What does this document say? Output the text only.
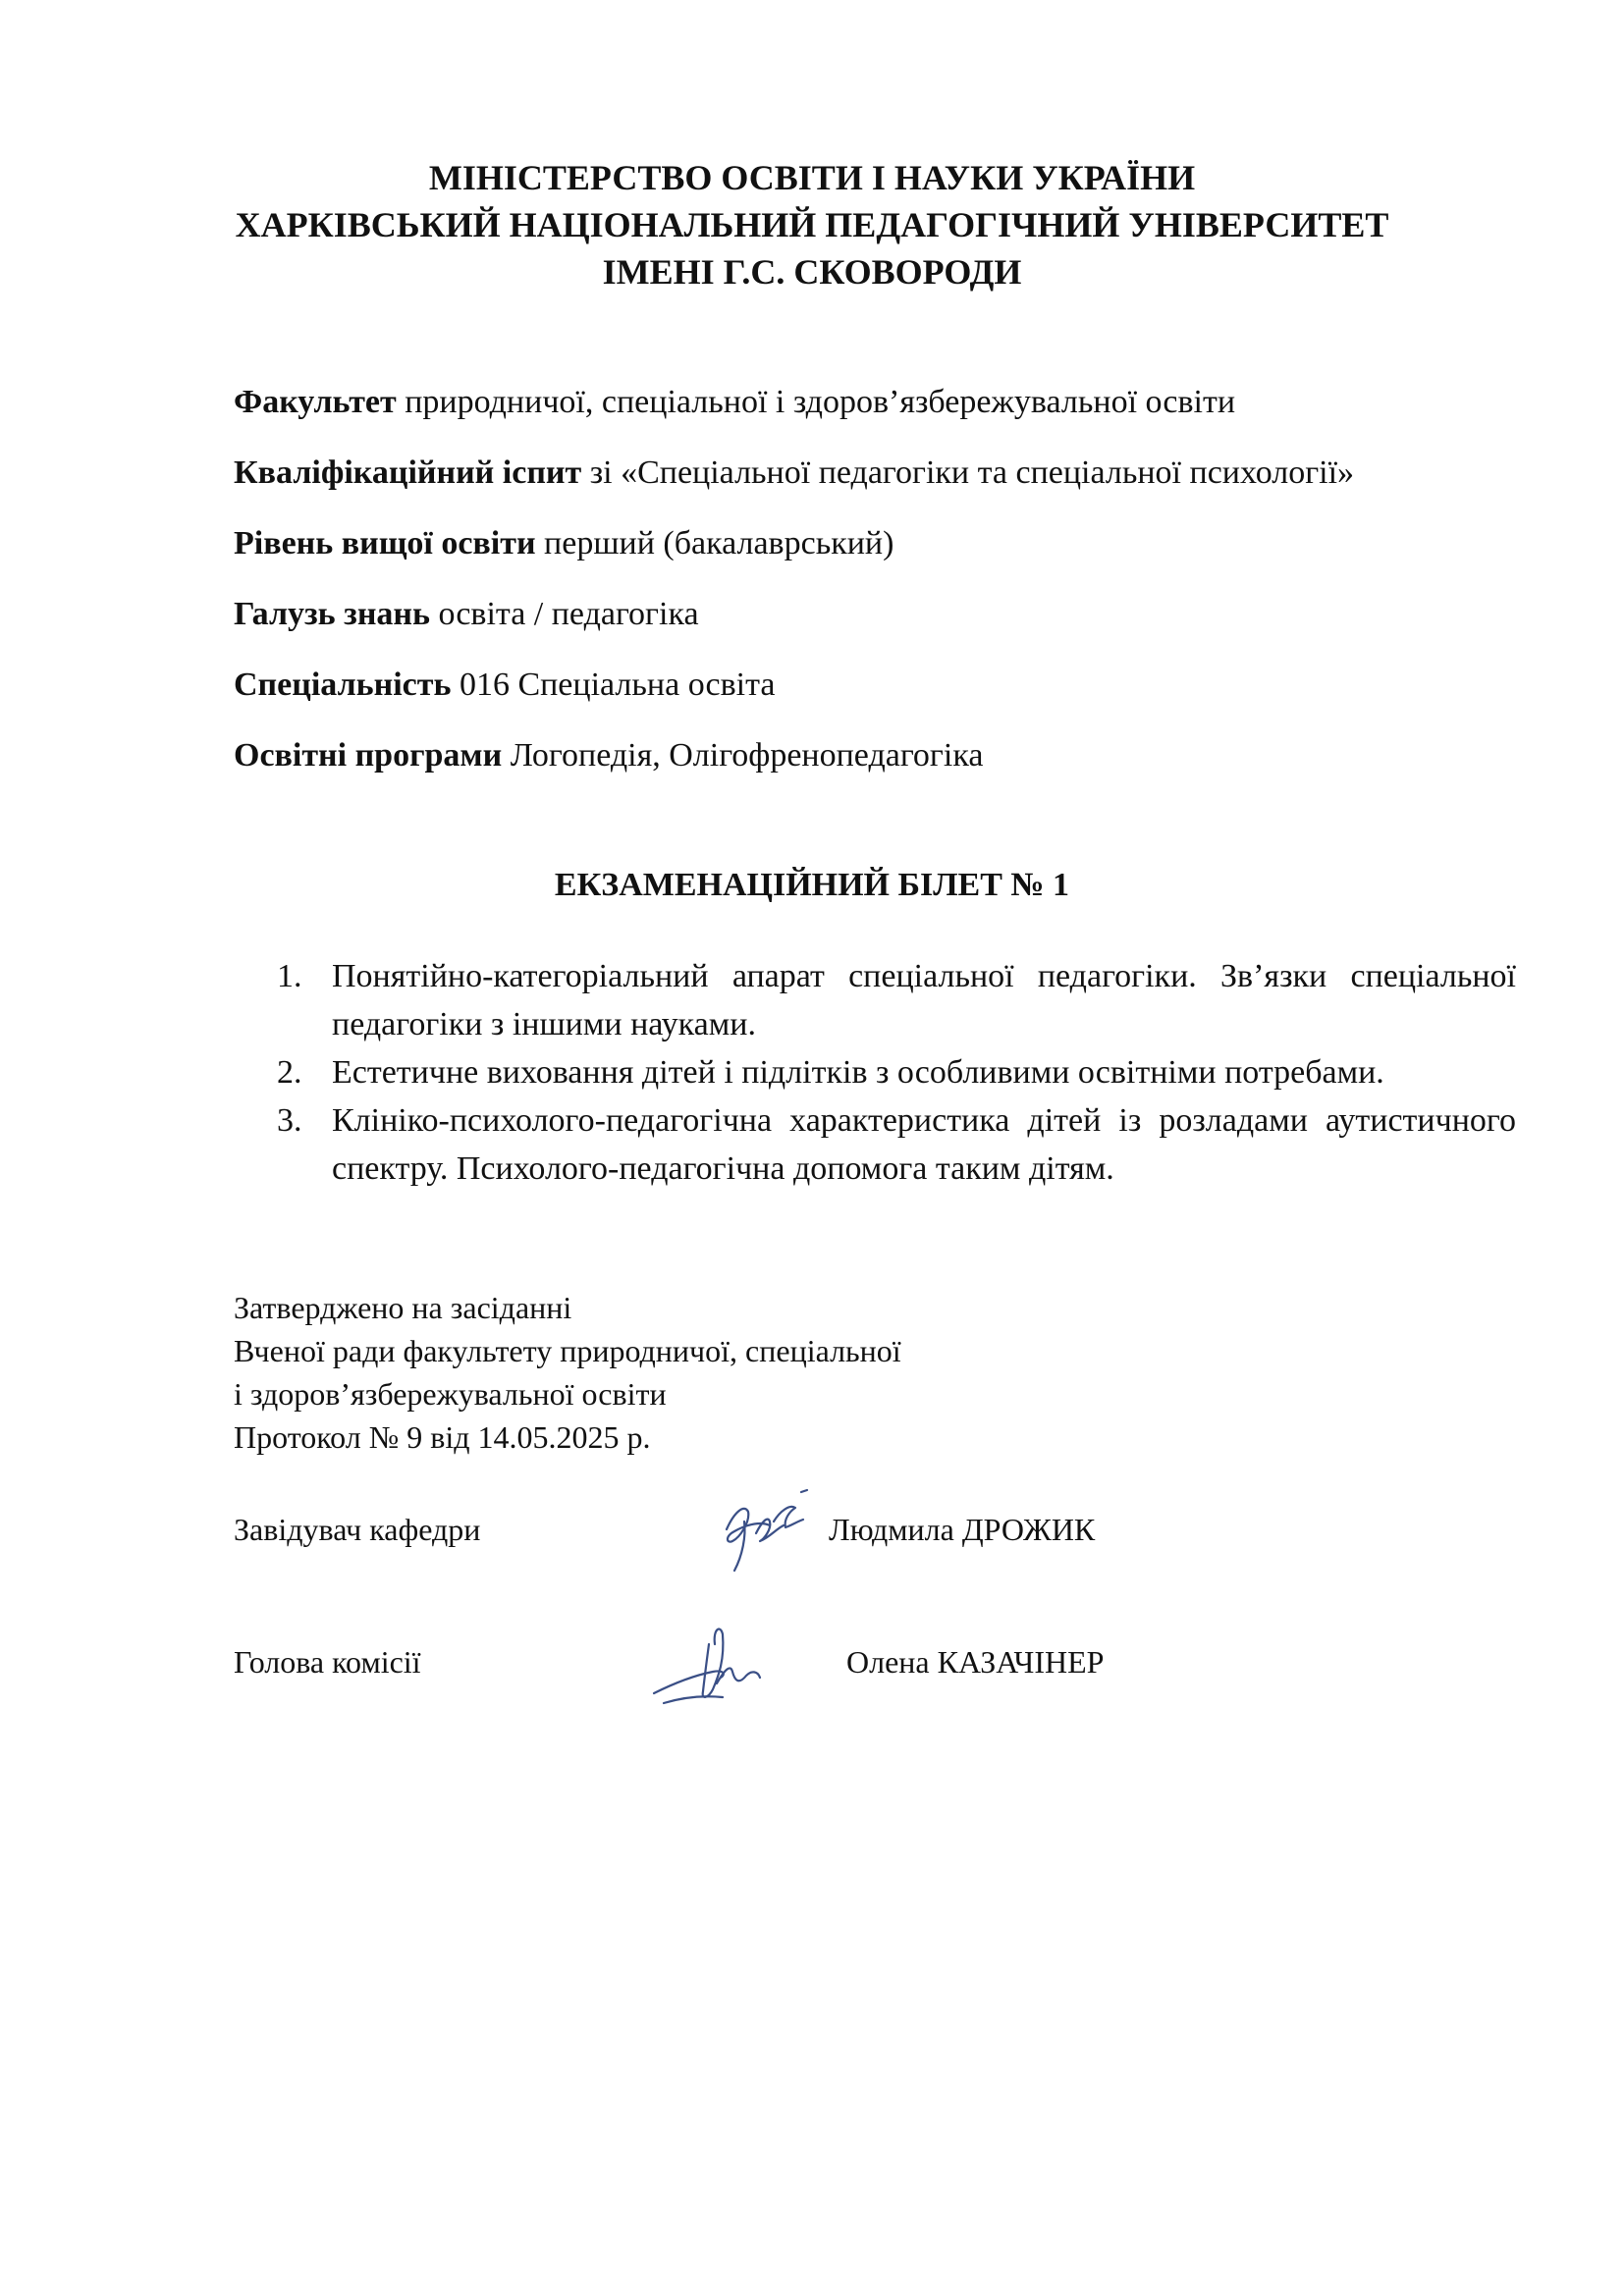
МІНІСТЕРСТВО ОСВІТИ І НАУКИ УКРАЇНИ
ХАРКІВСЬКИЙ НАЦІОНАЛЬНИЙ ПЕДАГОГІЧНИЙ УНІВЕРСИТЕТ
ІМЕНІ Г.С. СКОВОРОДИ
Факультет природничої, спеціальної і здоров’язбережувальної освіти
Кваліфікаційний іспит зі «Спеціальної педагогіки та спеціальної психології»
Рівень вищої освіти перший (бакалаврський)
Галузь знань освіта / педагогіка
Спеціальність 016 Спеціальна освіта
Освітні програми Логопедія, Олігофренопедагогіка
ЕКЗАМЕНАЦІЙНИЙ БІЛЕТ № 1
1. Понятійно-категоріальний апарат спеціальної педагогіки. Зв’язки спеціальної педагогіки з іншими науками.
2. Естетичне виховання дітей і підлітків з особливими освітніми потребами.
3. Клініко-психолого-педагогічна характеристика дітей із розладами аутистичного спектру. Психолого-педагогічна допомога таким дітям.
Затверджено на засіданні
Вченої ради факультету природничої, спеціальної
і здоров’язбережувальної освіти
Протокол № 9 від 14.05.2025 р.
Завідувач кафедри	Людмила ДРОЖИК
Голова комісії	Олена КАЗАЧІНЕР
